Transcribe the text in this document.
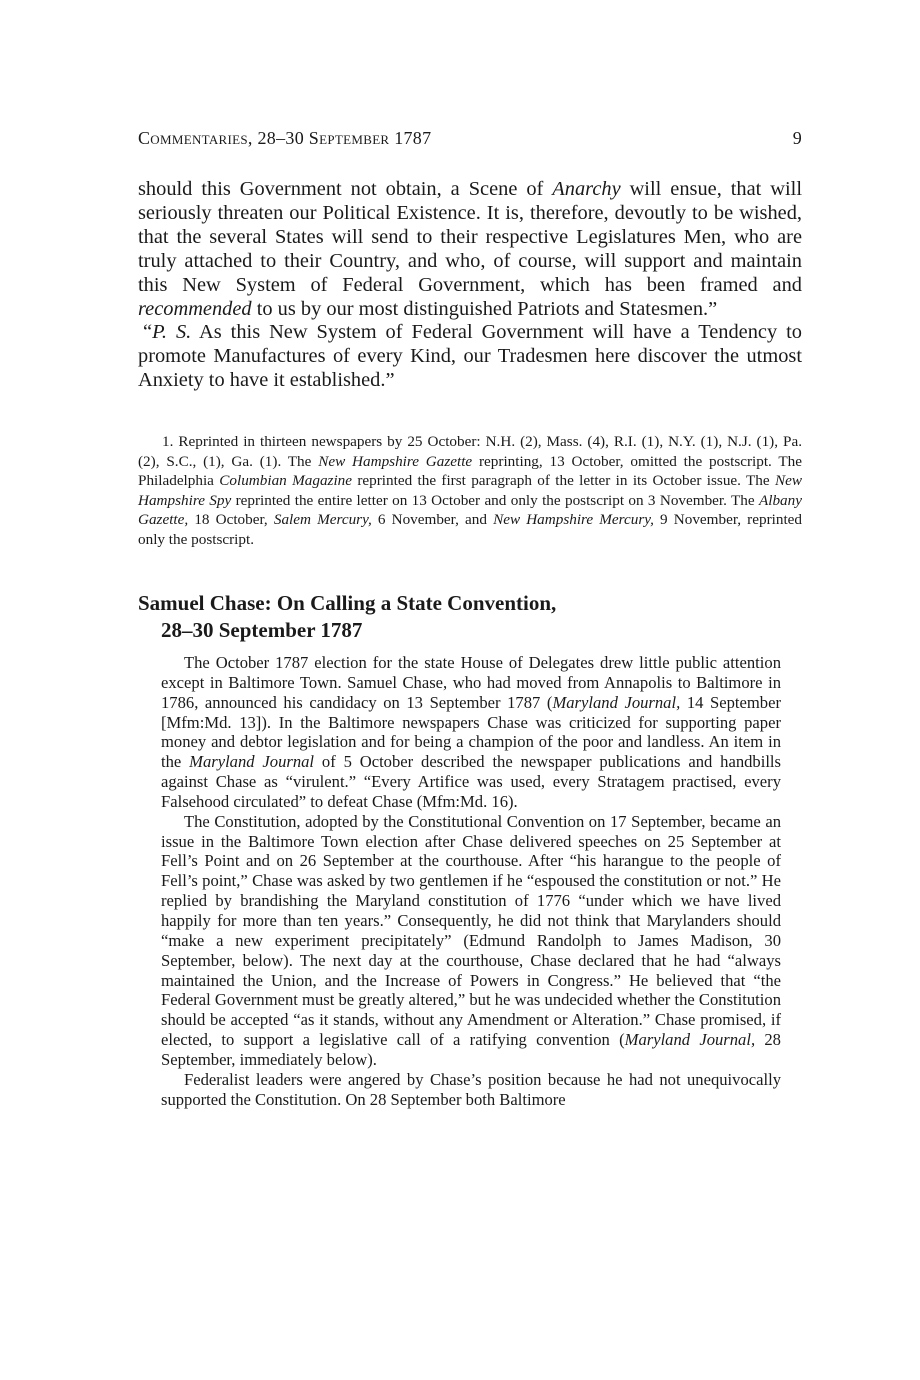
Commentaries, 28–30 September 1787	9

should this Government not obtain, a Scene of Anarchy will ensue, that will seriously threaten our Political Existence. It is, therefore, devoutly to be wished, that the several States will send to their respective Legislatures Men, who are truly attached to their Country, and who, of course, will support and maintain this New System of Federal Government, which has been framed and recommended to us by our most distinguished Patriots and Statesmen.”

“P. S. As this New System of Federal Government will have a Tendency to promote Manufactures of every Kind, our Tradesmen here discover the utmost Anxiety to have it established.”

1. Reprinted in thirteen newspapers by 25 October: N.H. (2), Mass. (4), R.I. (1), N.Y. (1), N.J. (1), Pa. (2), S.C., (1), Ga. (1). The New Hampshire Gazette reprinting, 13 October, omitted the postscript. The Philadelphia Columbian Magazine reprinted the first paragraph of the letter in its October issue. The New Hampshire Spy reprinted the entire letter on 13 October and only the postscript on 3 November. The Albany Gazette, 18 October, Salem Mercury, 6 November, and New Hampshire Mercury, 9 November, reprinted only the postscript.

Samuel Chase: On Calling a State Convention,
28–30 September 1787

The October 1787 election for the state House of Delegates drew little public attention except in Baltimore Town. Samuel Chase, who had moved from Annapolis to Baltimore in 1786, announced his candidacy on 13 September 1787 (Maryland Journal, 14 September [Mfm:Md. 13]). In the Baltimore newspapers Chase was criticized for supporting paper money and debtor legislation and for being a champion of the poor and landless. An item in the Maryland Journal of 5 October described the newspaper publications and handbills against Chase as “virulent.” “Every Artifice was used, every Stratagem practised, every Falsehood circulated” to defeat Chase (Mfm:Md. 16).

The Constitution, adopted by the Constitutional Convention on 17 September, became an issue in the Baltimore Town election after Chase delivered speeches on 25 September at Fell’s Point and on 26 September at the courthouse. After “his harangue to the people of Fell’s point,” Chase was asked by two gentlemen if he “espoused the constitution or not.” He replied by brandishing the Maryland constitution of 1776 “under which we have lived happily for more than ten years.” Consequently, he did not think that Marylanders should “make a new experiment precipitately” (Edmund Randolph to James Madison, 30 September, below). The next day at the courthouse, Chase declared that he had “always maintained the Union, and the Increase of Powers in Congress.” He believed that “the Federal Government must be greatly altered,” but he was undecided whether the Constitution should be accepted “as it stands, without any Amendment or Alteration.” Chase promised, if elected, to support a legislative call of a ratifying convention (Maryland Journal, 28 September, immediately below).

Federalist leaders were angered by Chase’s position because he had not unequivocally supported the Constitution. On 28 September both Baltimore
